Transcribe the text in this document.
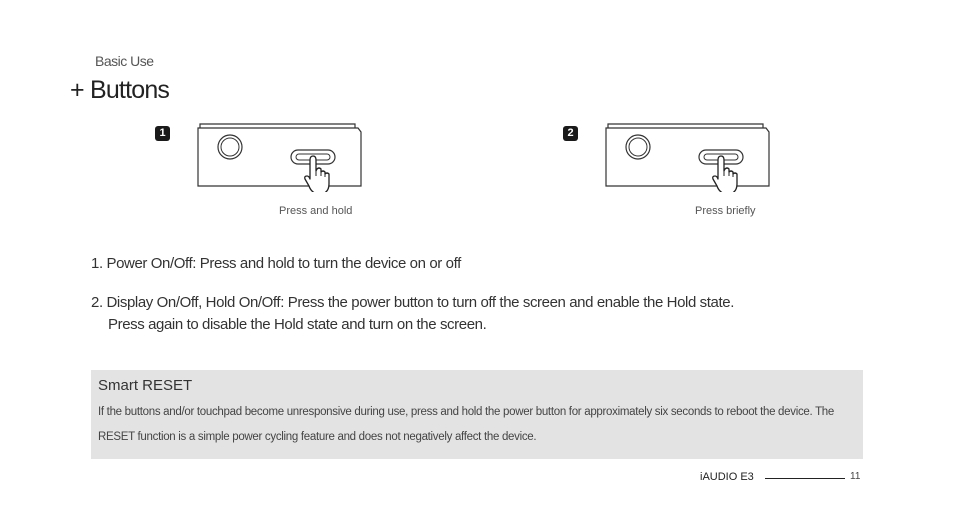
Basic Use
+ Buttons
1
Press and hold
2
Press briefly

1. Power On/Off: Press and hold to turn the device on or off

2. Display On/Off, Hold On/Off: Press the power button to turn off the screen and enable the Hold state.
Press again to disable the Hold state and turn on the screen.

Smart RESET
If the buttons and/or touchpad become unresponsive during use, press and hold the power button for approximately six seconds to reboot the device. The RESET function is a simple power cycling feature and does not negatively affect the device.
iAUDIO E3	11
